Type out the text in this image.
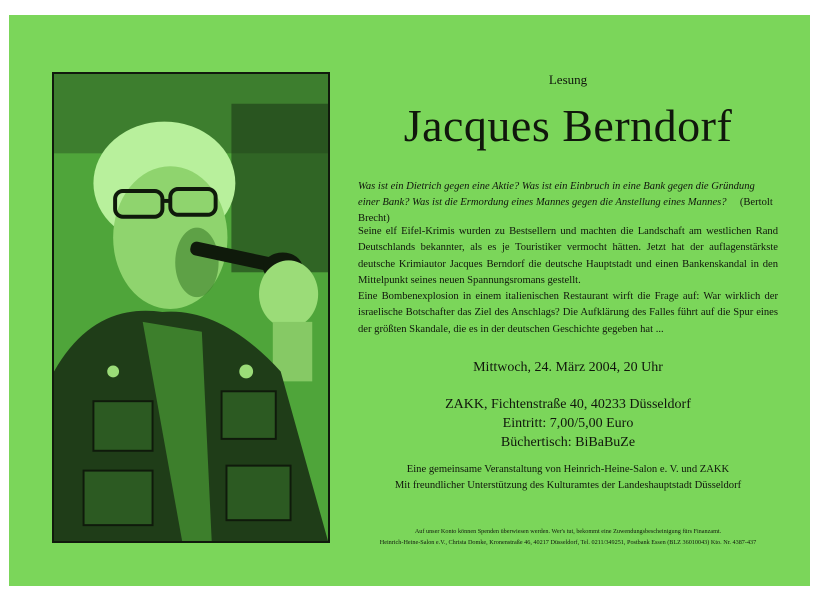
Lesung
Jacques Berndorf
Was ist ein Dietrich gegen eine Aktie? Was ist ein Einbruch in eine Bank gegen die Gründung einer Bank? Was ist die Ermordung eines Mannes gegen die Anstellung eines Mannes? (Bertolt Brecht)

Seine elf Eifel-Krimis wurden zu Bestsellern und machten die Landschaft am westlichen Rand Deutschlands bekannter, als es je Touristiker vermocht hätten. Jetzt hat der auflagenstärkste deutsche Krimiautor Jacques Berndorf die deutsche Hauptstadt und einen Bankenskandal in den Mittelpunkt seines neuen Spannungsromans gestellt.

Eine Bombenexplosion in einem italienischen Restaurant wirft die Frage auf: War wirklich der israelische Botschafter das Ziel des Anschlags? Die Aufklärung des Falles führt auf die Spur eines der größten Skandale, die es in der deutschen Geschichte gegeben hat ...

Mittwoch, 24. März 2004, 20 Uhr
ZAKK, Fichtenstraße 40, 40233 Düsseldorf
Eintritt: 7,00/5,00 Euro
Büchertisch: BiBaBuZe
Eine gemeinsame Veranstaltung von Heinrich-Heine-Salon e. V. und ZAKK
Mit freundlicher Unterstützung des Kulturamtes der Landeshauptstadt Düsseldorf
Auf unser Konto können Spenden überwiesen werden. Wer's tut, bekommt eine Zuwendungsbescheinigung fürs Finanzamt.
Heinrich-Heine-Salon e.V., Christa Domke, Kronenstraße 46, 40217 Düsseldorf, Tel. 0211/349251, Postbank Essen (BLZ 36010043) Kto. Nr. 4387-437
